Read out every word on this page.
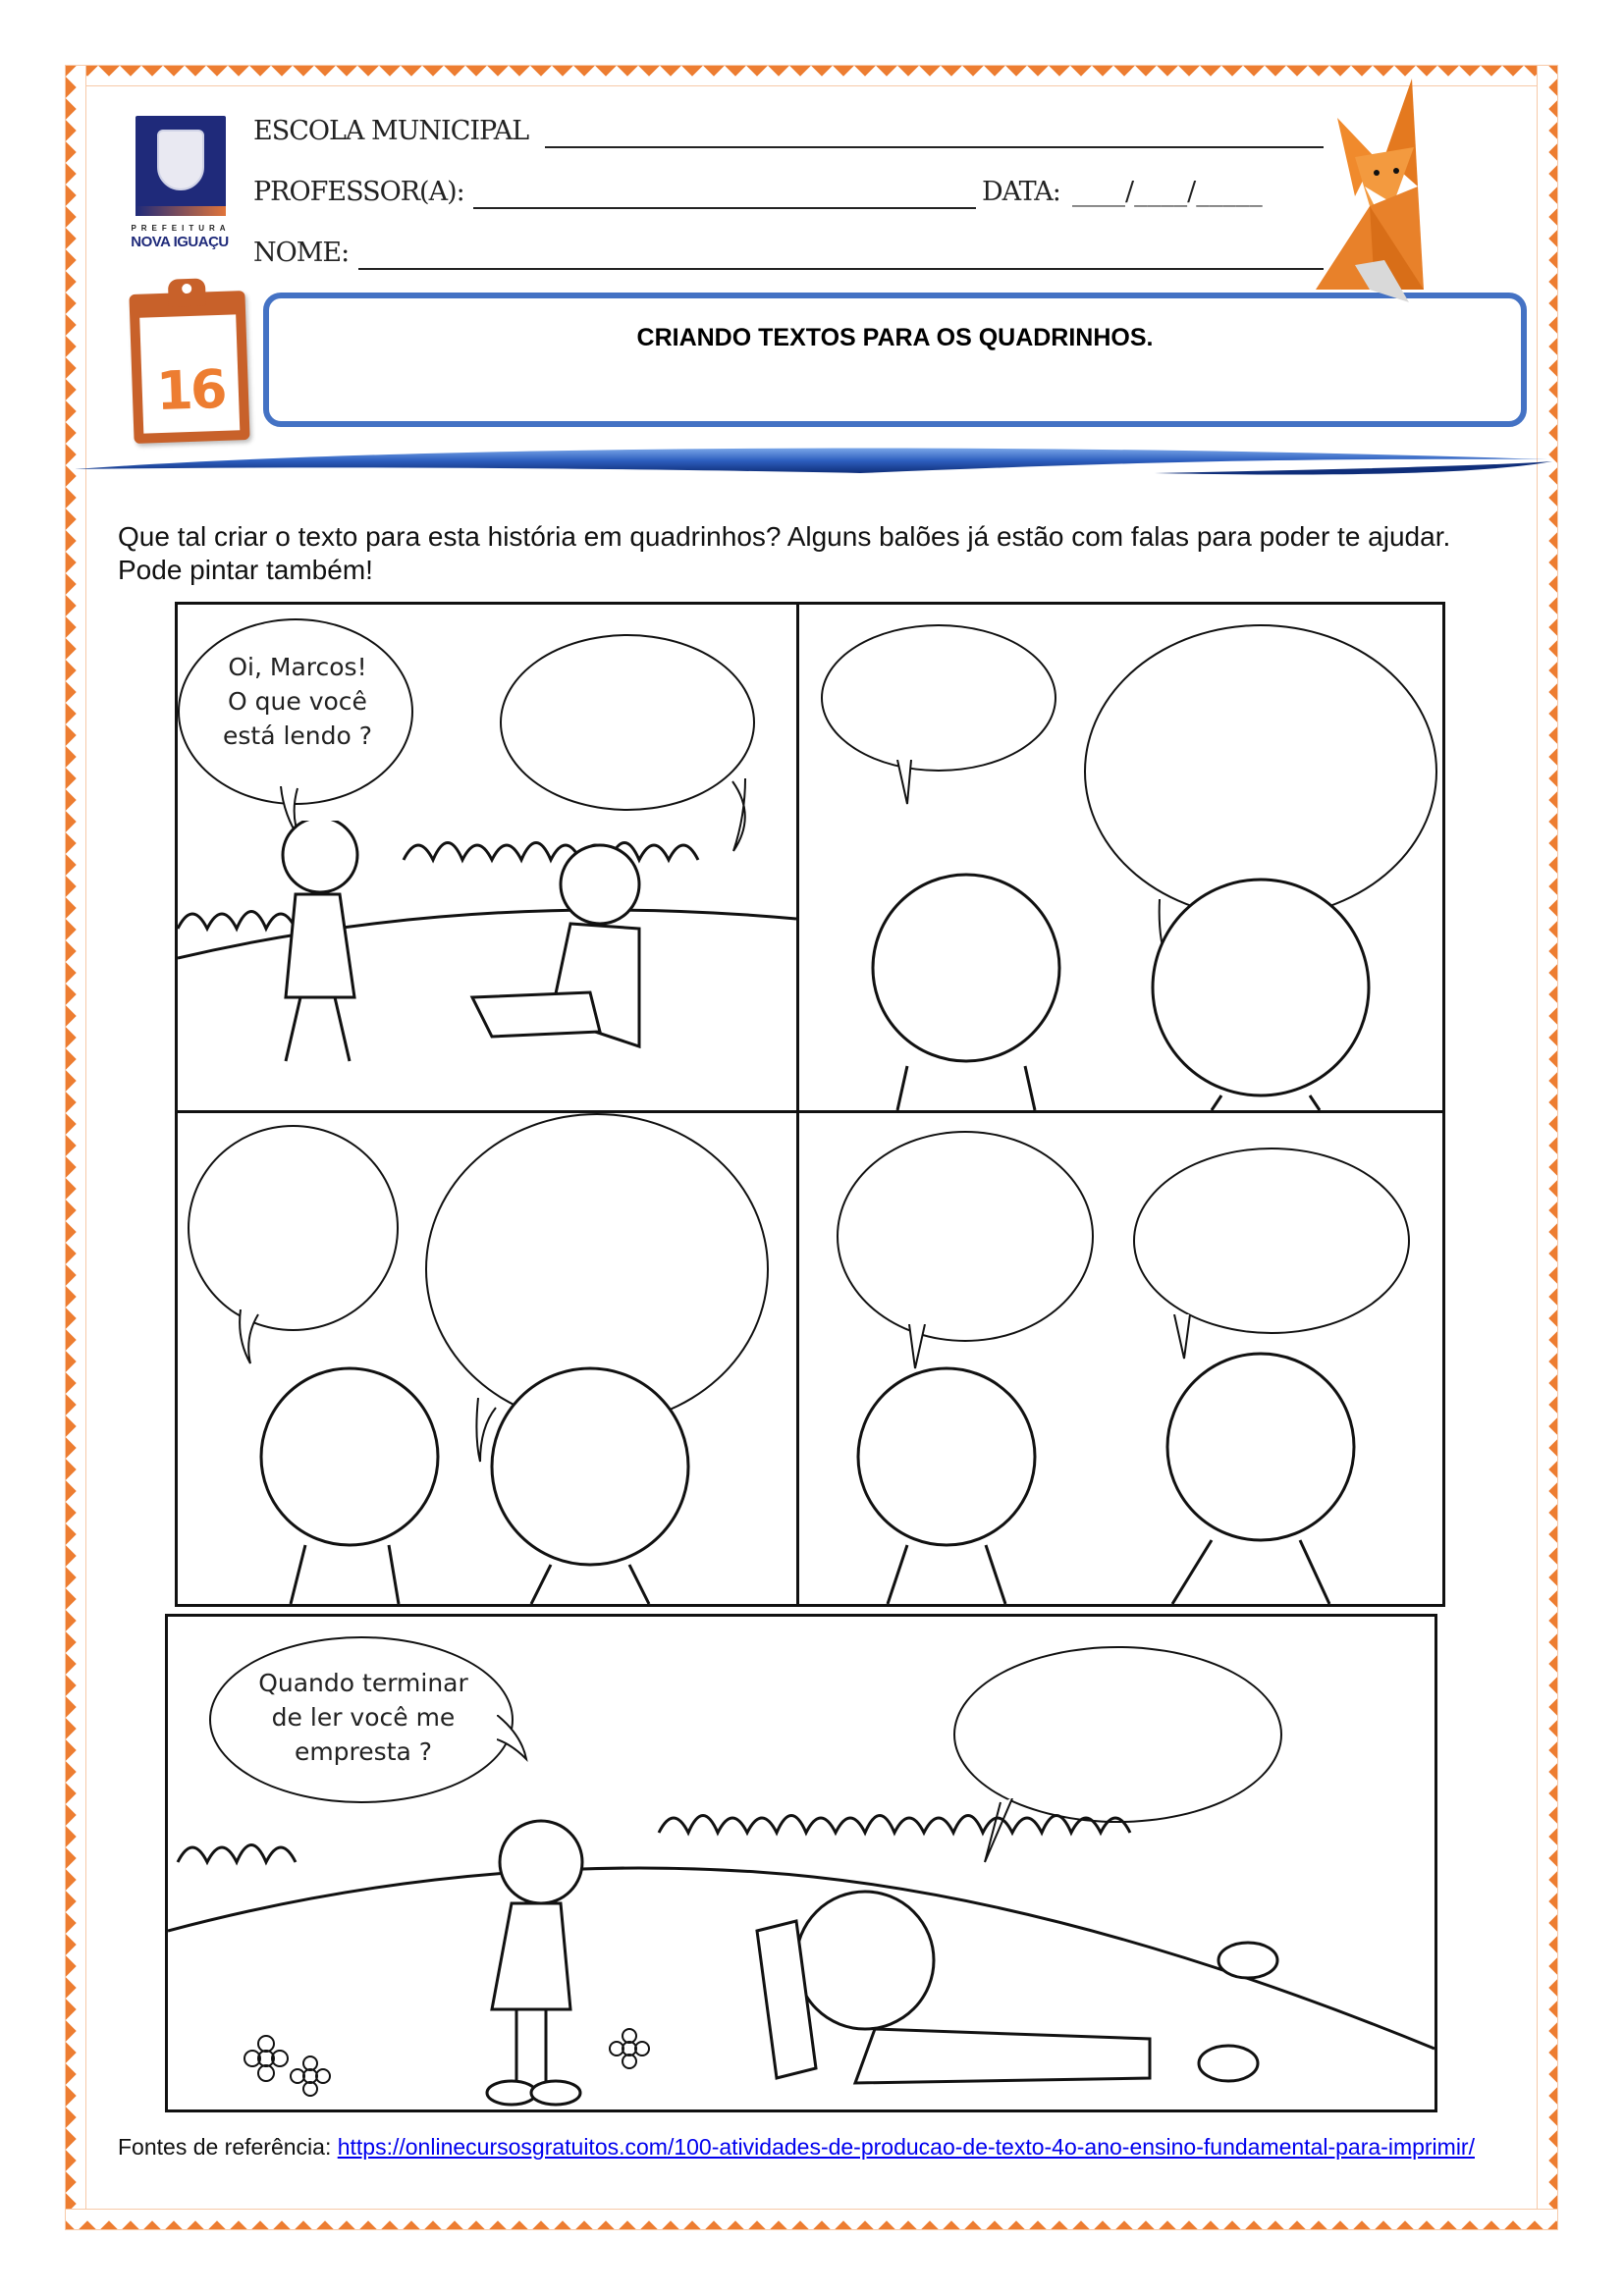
PREFEITURA
NOVA IGUAÇU
ESCOLA MUNICIPAL
PROFESSOR(A):	DATA: ____/____/_____
NOME:
16
CRIANDO TEXTOS PARA OS QUADRINHOS.
Que tal criar o texto para esta história em quadrinhos? Alguns balões já estão com falas para poder te ajudar. Pode pintar também!
Oi, Marcos!
O que você
está lendo ?
Quando terminar
de ler você me
empresta ?
Fontes de referência: https://onlinecursosgratuitos.com/100-atividades-de-producao-de-texto-4o-ano-ensino-fundamental-para-imprimir/
